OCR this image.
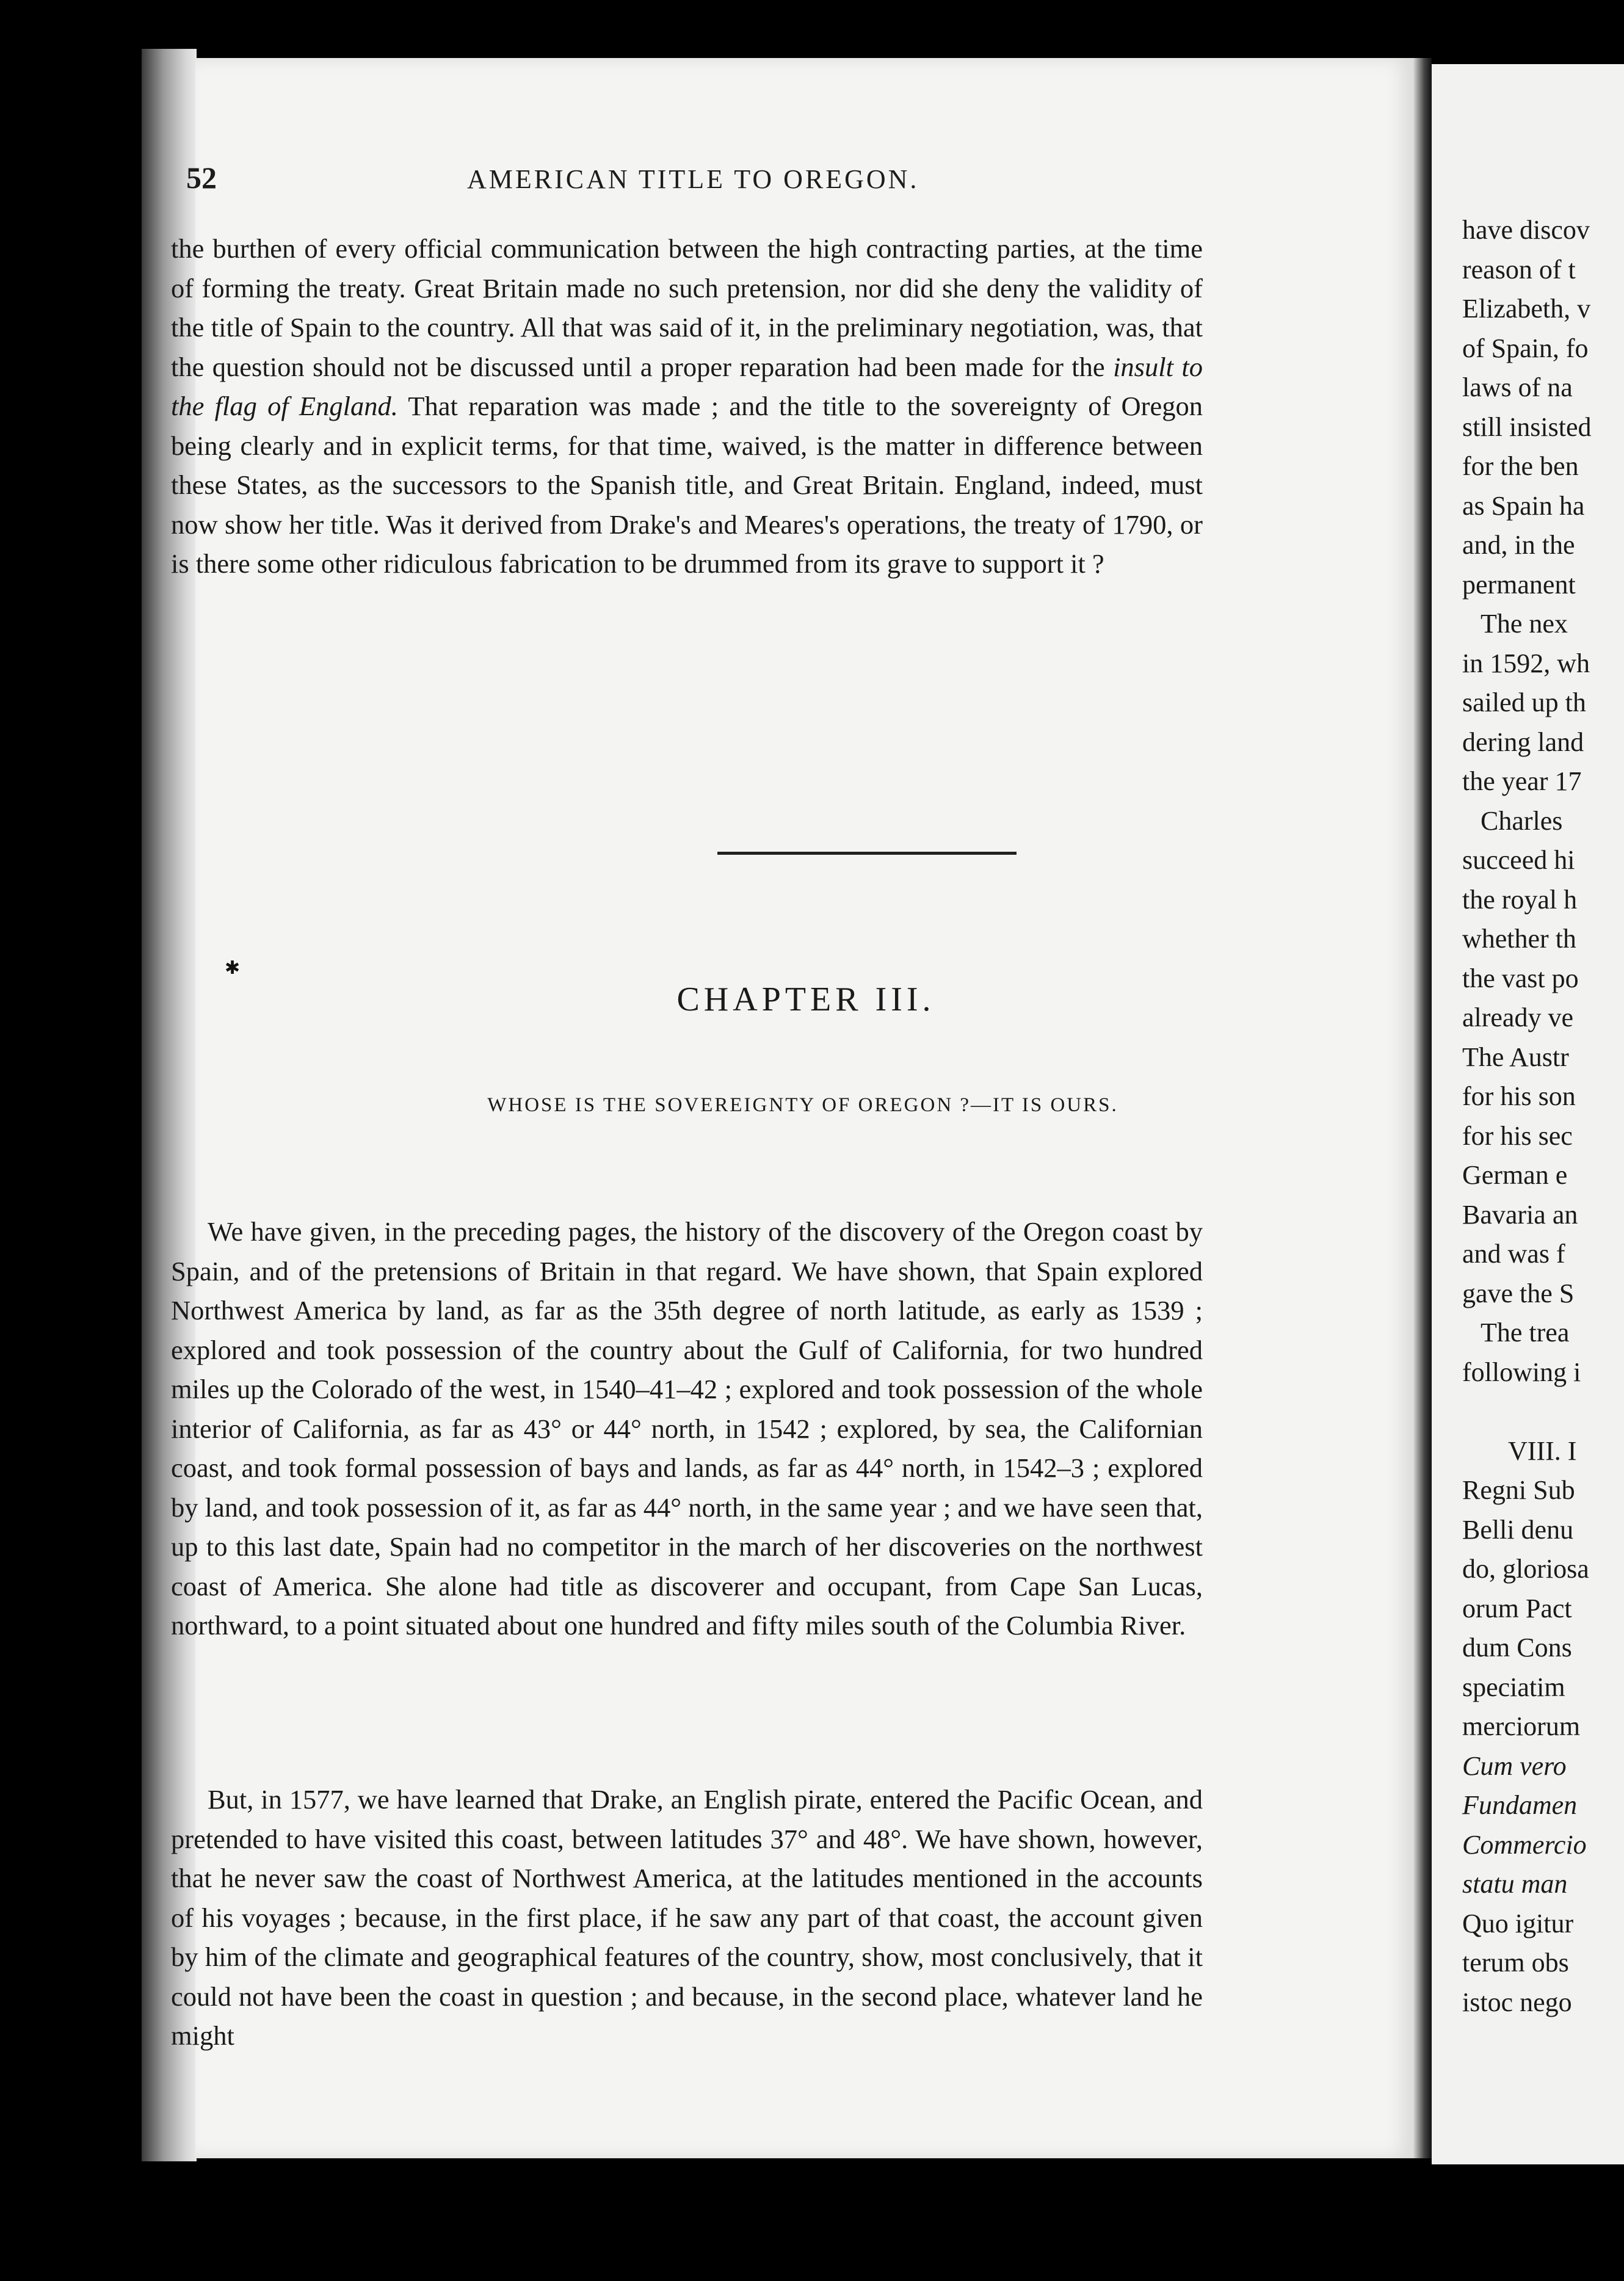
✱
52	AMERICAN TITLE TO OREGON.

the burthen of every official communication between the high contracting parties, at the time of forming the treaty. Great Britain made no such pretension, nor did she deny the validity of the title of Spain to the country. All that was said of it, in the preliminary negotiation, was, that the question should not be discussed until a proper reparation had been made for the insult to the flag of England. That reparation was made ; and the title to the sovereignty of Oregon being clearly and in explicit terms, for that time, waived, is the matter in difference between these States, as the successors to the Spanish title, and Great Britain. England, indeed, must now show her title. Was it derived from Drake's and Meares's operations, the treaty of 1790, or is there some other ridiculous fabrication to be drummed from its grave to support it ?

CHAPTER III.
WHOSE IS THE SOVEREIGNTY OF OREGON ?—IT IS OURS.

We have given, in the preceding pages, the history of the discovery of the Oregon coast by Spain, and of the pretensions of Britain in that regard. We have shown, that Spain explored Northwest America by land, as far as the 35th degree of north latitude, as early as 1539 ; explored and took possession of the country about the Gulf of California, for two hundred miles up the Colorado of the west, in 1540–41–42 ; explored and took possession of the whole interior of California, as far as 43° or 44° north, in 1542 ; explored, by sea, the Californian coast, and took formal possession of bays and lands, as far as 44° north, in 1542–3 ; explored by land, and took possession of it, as far as 44° north, in the same year ; and we have seen that, up to this last date, Spain had no competitor in the march of her discoveries on the northwest coast of America. She alone had title as discoverer and occupant, from Cape San Lucas, northward, to a point situated about one hundred and fifty miles south of the Columbia River.

But, in 1577, we have learned that Drake, an English pirate, entered the Pacific Ocean, and pretended to have visited this coast, between latitudes 37° and 48°. We have shown, however, that he never saw the coast of Northwest America, at the latitudes mentioned in the accounts of his voyages ; because, in the first place, if he saw any part of that coast, the account given by him of the climate and geographical features of the country, show, most conclusively, that it could not have been the coast in question ; and because, in the second place, whatever land he might

have discov
reason of t
Elizabeth, v
of Spain, fo
laws of na
still insisted
for the ben
as Spain ha
and, in the
permanent
The nex
in 1592, wh
sailed up th
dering land
the year 17
Charles
succeed hi
the royal h
whether th
the vast po
already ve
The Austr
for his son
for his sec
German e
Bavaria an
and was f
gave the S
The trea
following i
VIII. I
Regni Sub
Belli denu
do, gloriosa
orum Pact
dum Cons
speciatim
merciorum
Cum vero
Fundamen
Commercio
statu man
Quo igitur
terum obs
istoc nego
